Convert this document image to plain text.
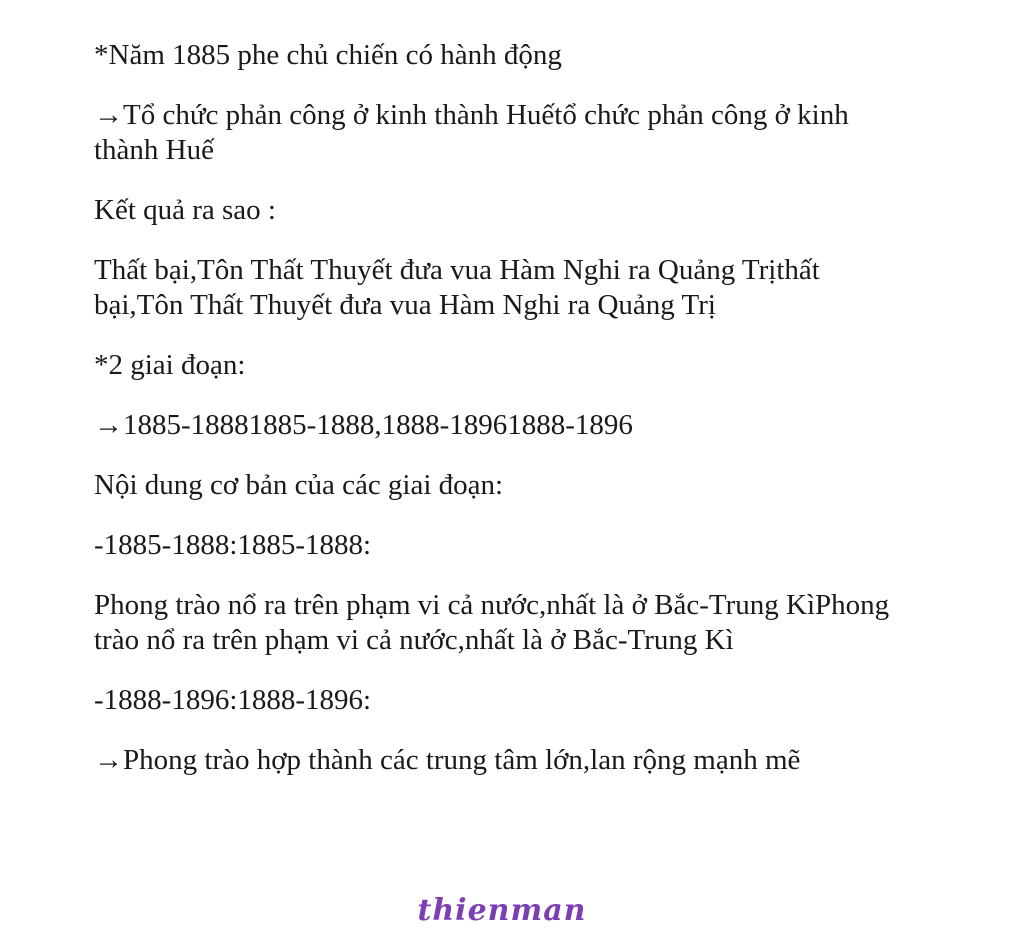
*Năm 1885 phe chủ chiến có hành động

→Tổ chức phản công ở kinh thành Huếtổ chức phản công ở kinh thành Huế

Kết quả ra sao :

Thất bại,Tôn Thất Thuyết đưa vua Hàm Nghi ra Quảng Trịthất bại,Tôn Thất Thuyết đưa vua Hàm Nghi ra Quảng Trị

*2 giai đoạn:

→1885-18881885-1888,1888-18961888-1896

Nội dung cơ bản của các giai đoạn:

-1885-1888:1885-1888:

Phong trào nổ ra trên phạm vi cả nước,nhất là ở Bắc-Trung KìPhong trào nổ ra trên phạm vi cả nước,nhất là ở Bắc-Trung Kì

-1888-1896:1888-1896:

→Phong trào hợp thành các trung tâm lớn,lan rộng mạnh mẽ

thienman
